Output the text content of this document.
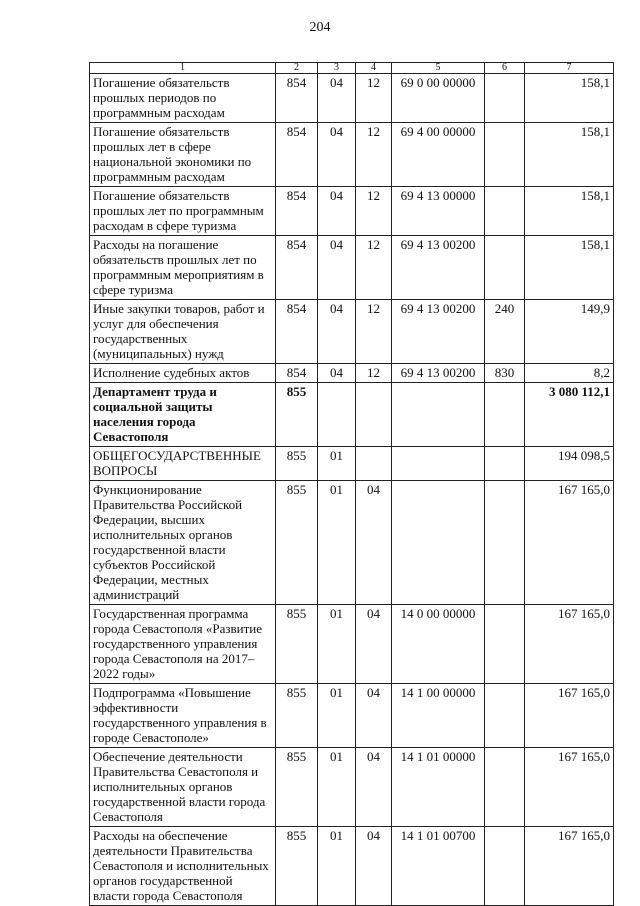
204
1	2	3	4	5	6	7
Погашение обязательств прошлых периодов по программным расходам	854	04	12	69 0 00 00000		158,1
Погашение обязательств прошлых лет в сфере национальной экономики по программным расходам	854	04	12	69 4 00 00000		158,1
Погашение обязательств прошлых лет по программным расходам в сфере туризма	854	04	12	69 4 13 00000		158,1
Расходы на погашение обязательств прошлых лет по программным мероприятиям в сфере туризма	854	04	12	69 4 13 00200		158,1
Иные закупки товаров, работ и услуг для обеспечения государственных (муниципальных) нужд	854	04	12	69 4 13 00200	240	149,9
Исполнение судебных актов	854	04	12	69 4 13 00200	830	8,2
Департамент труда и социальной защиты населения города Севастополя	855					3 080 112,1
ОБЩЕГОСУДАРСТВЕННЫЕ ВОПРОСЫ	855	01				194 098,5
Функционирование Правительства Российской Федерации, высших исполнительных органов государственной власти субъектов Российской Федерации, местных администраций	855	01	04			167 165,0
Государственная программа города Севастополя «Развитие государственного управления города Севастополя на 2017–2022 годы»	855	01	04	14 0 00 00000		167 165,0
Подпрограмма «Повышение эффективности государственного управления в городе Севастополе»	855	01	04	14 1 00 00000		167 165,0
Обеспечение деятельности Правительства Севастополя и исполнительных органов государственной власти города Севастополя	855	01	04	14 1 01 00000		167 165,0
Расходы на обеспечение деятельности Правительства Севастополя и исполнительных органов государственной власти города Севастополя	855	01	04	14 1 01 00700		167 165,0
